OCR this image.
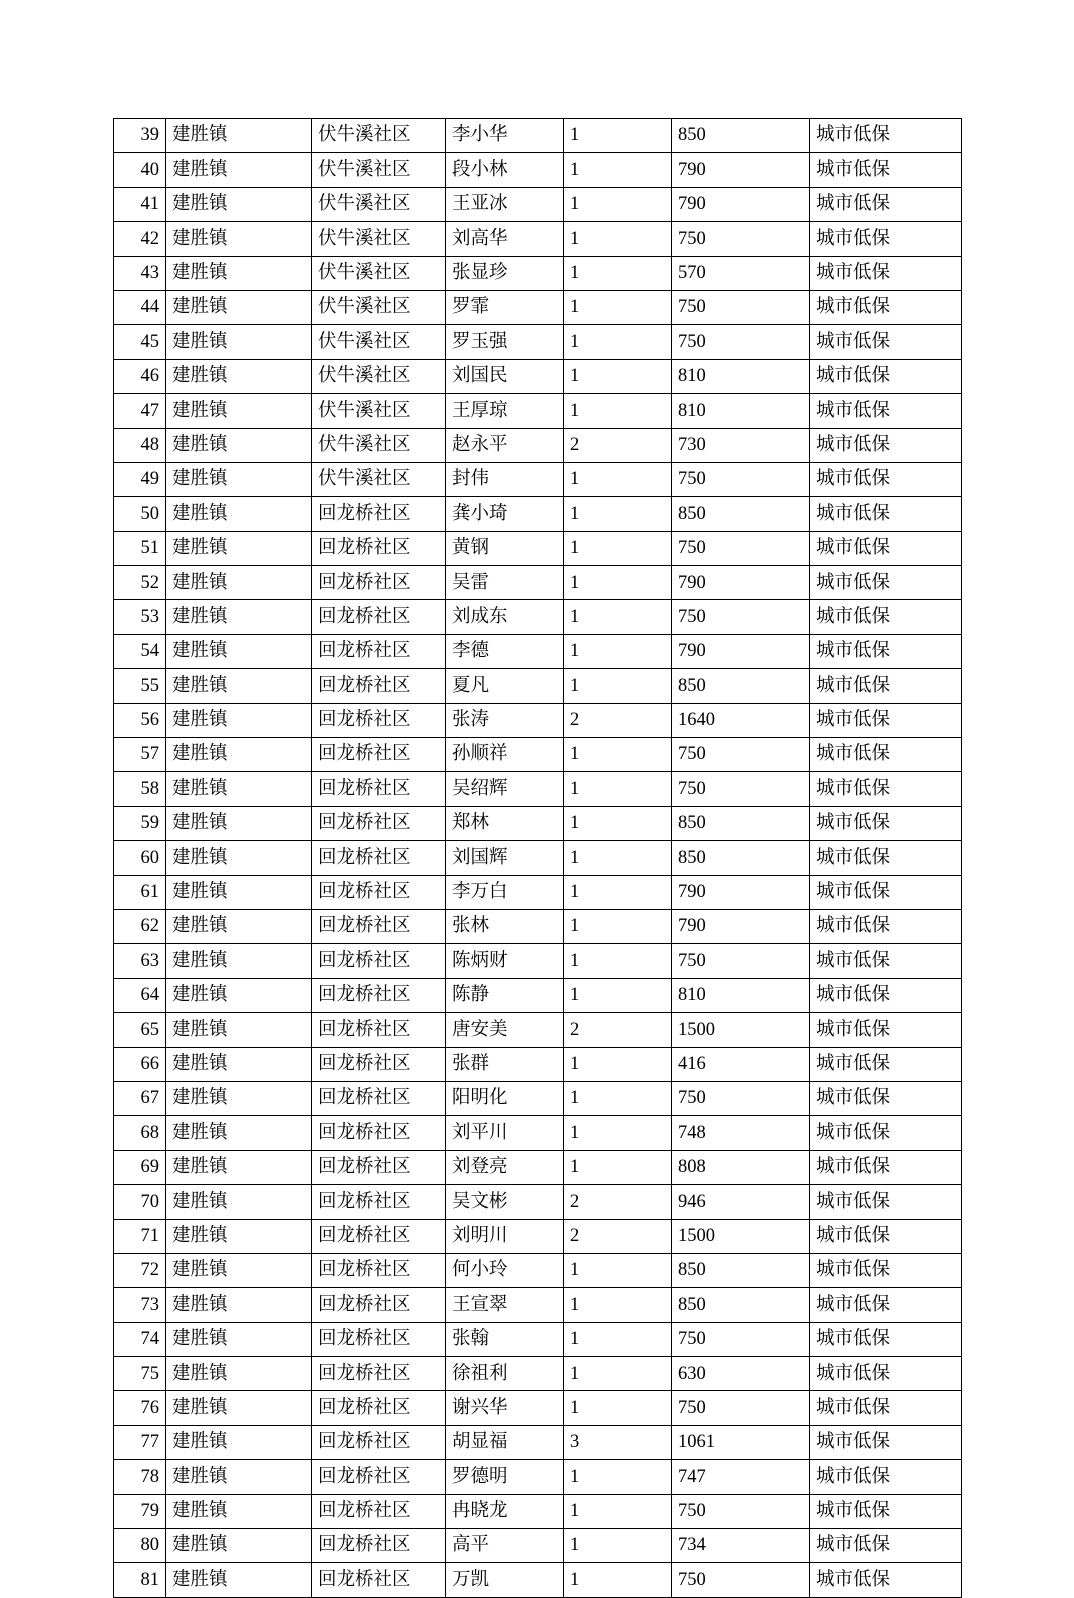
39	建胜镇	伏牛溪社区	李小华	1	850	城市低保
40	建胜镇	伏牛溪社区	段小林	1	790	城市低保
41	建胜镇	伏牛溪社区	王亚冰	1	790	城市低保
42	建胜镇	伏牛溪社区	刘高华	1	750	城市低保
43	建胜镇	伏牛溪社区	张显珍	1	570	城市低保
44	建胜镇	伏牛溪社区	罗霏	1	750	城市低保
45	建胜镇	伏牛溪社区	罗玉强	1	750	城市低保
46	建胜镇	伏牛溪社区	刘国民	1	810	城市低保
47	建胜镇	伏牛溪社区	王厚琼	1	810	城市低保
48	建胜镇	伏牛溪社区	赵永平	2	730	城市低保
49	建胜镇	伏牛溪社区	封伟	1	750	城市低保
50	建胜镇	回龙桥社区	龚小琦	1	850	城市低保
51	建胜镇	回龙桥社区	黄钢	1	750	城市低保
52	建胜镇	回龙桥社区	吴雷	1	790	城市低保
53	建胜镇	回龙桥社区	刘成东	1	750	城市低保
54	建胜镇	回龙桥社区	李德	1	790	城市低保
55	建胜镇	回龙桥社区	夏凡	1	850	城市低保
56	建胜镇	回龙桥社区	张涛	2	1640	城市低保
57	建胜镇	回龙桥社区	孙顺祥	1	750	城市低保
58	建胜镇	回龙桥社区	吴绍辉	1	750	城市低保
59	建胜镇	回龙桥社区	郑林	1	850	城市低保
60	建胜镇	回龙桥社区	刘国辉	1	850	城市低保
61	建胜镇	回龙桥社区	李万白	1	790	城市低保
62	建胜镇	回龙桥社区	张林	1	790	城市低保
63	建胜镇	回龙桥社区	陈炳财	1	750	城市低保
64	建胜镇	回龙桥社区	陈静	1	810	城市低保
65	建胜镇	回龙桥社区	唐安美	2	1500	城市低保
66	建胜镇	回龙桥社区	张群	1	416	城市低保
67	建胜镇	回龙桥社区	阳明化	1	750	城市低保
68	建胜镇	回龙桥社区	刘平川	1	748	城市低保
69	建胜镇	回龙桥社区	刘登亮	1	808	城市低保
70	建胜镇	回龙桥社区	吴文彬	2	946	城市低保
71	建胜镇	回龙桥社区	刘明川	2	1500	城市低保
72	建胜镇	回龙桥社区	何小玲	1	850	城市低保
73	建胜镇	回龙桥社区	王宣翠	1	850	城市低保
74	建胜镇	回龙桥社区	张翰	1	750	城市低保
75	建胜镇	回龙桥社区	徐祖利	1	630	城市低保
76	建胜镇	回龙桥社区	谢兴华	1	750	城市低保
77	建胜镇	回龙桥社区	胡显福	3	1061	城市低保
78	建胜镇	回龙桥社区	罗德明	1	747	城市低保
79	建胜镇	回龙桥社区	冉晓龙	1	750	城市低保
80	建胜镇	回龙桥社区	高平	1	734	城市低保
81	建胜镇	回龙桥社区	万凯	1	750	城市低保
